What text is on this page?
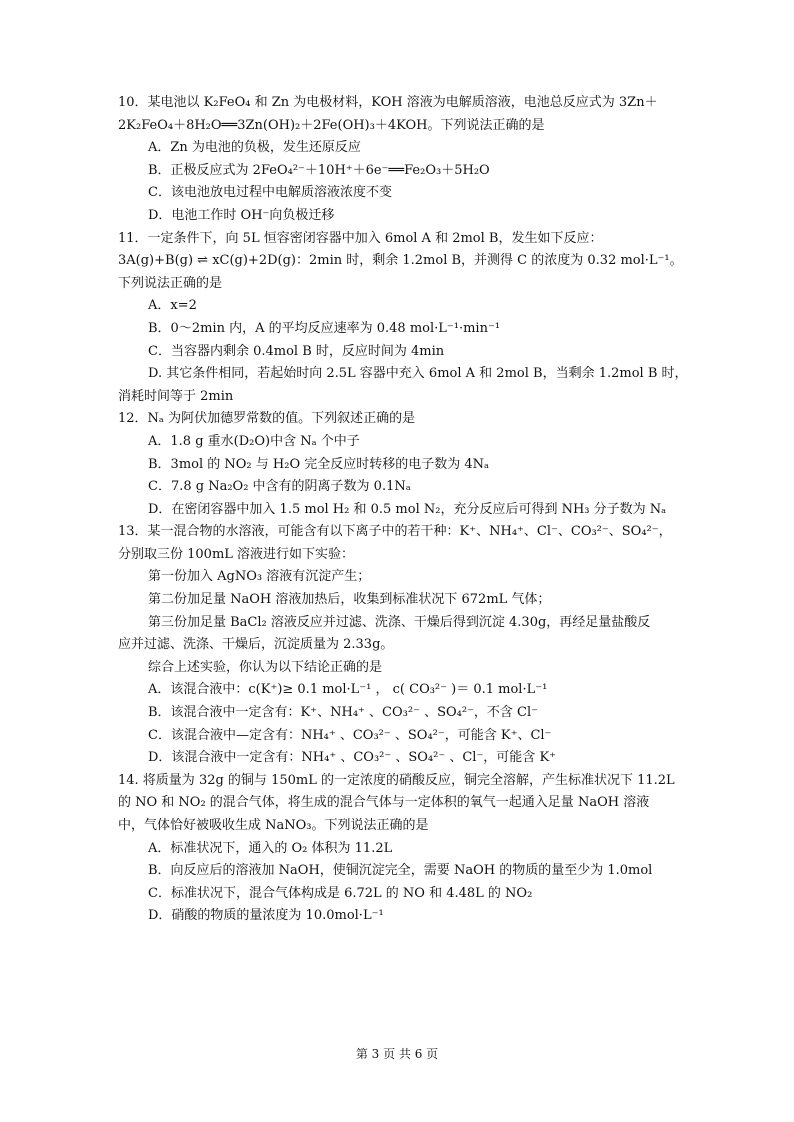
10．某电池以 K₂FeO₄ 和 Zn 为电极材料，KOH 溶液为电解质溶液，电池总反应式为 3Zn＋
2K₂FeO₄＋8H₂O══3Zn(OH)₂＋2Fe(OH)₃＋4KOH。下列说法正确的是
A．Zn 为电池的负极，发生还原反应
B．正极反应式为 2FeO₄²⁻＋10H⁺＋6e⁻══Fe₂O₃＋5H₂O
C．该电池放电过程中电解质溶液浓度不变
D．电池工作时 OH⁻向负极迁移
11．一定条件下，向 5L 恒容密闭容器中加入 6mol A 和 2mol B，发生如下反应：
3A(g)+B(g) ⇌ xC(g)+2D(g)：2min 时，剩余 1.2mol B，并测得 C 的浓度为 0.32 mol·L⁻¹。
下列说法正确的是
A．x=2
B．0～2min 内，A 的平均反应速率为 0.48 mol·L⁻¹·min⁻¹
C．当容器内剩余 0.4mol B 时，反应时间为 4min
D. 其它条件相同，若起始时向 2.5L 容器中充入 6mol A 和 2mol B，当剩余 1.2mol B 时，
消耗时间等于 2min
12．Nₐ 为阿伏加德罗常数的值。下列叙述正确的是
A．1.8 g 重水(D₂O)中含 Nₐ 个中子
B．3mol 的 NO₂ 与 H₂O 完全反应时转移的电子数为 4Nₐ
C．7.8 g Na₂O₂ 中含有的阴离子数为 0.1Nₐ
D．在密闭容器中加入 1.5 mol H₂ 和 0.5 mol N₂，充分反应后可得到 NH₃ 分子数为 Nₐ
13．某一混合物的水溶液，可能含有以下离子中的若干种：K⁺、NH₄⁺、Cl⁻、CO₃²⁻、SO₄²⁻，
分别取三份 100mL 溶液进行如下实验：
第一份加入 AgNO₃ 溶液有沉淀产生；
第二份加足量 NaOH 溶液加热后，收集到标准状况下 672mL 气体；
第三份加足量 BaCl₂ 溶液反应并过滤、洗涤、干燥后得到沉淀 4.30g，再经足量盐酸反
应并过滤、洗涤、干燥后，沉淀质量为 2.33g。
综合上述实验，你认为以下结论正确的是
A．该混合液中：c(K⁺)≥ 0.1 mol·L⁻¹ ， c( CO₃²⁻ )＝ 0.1 mol·L⁻¹
B．该混合液中一定含有：K⁺、NH₄⁺ 、CO₃²⁻ 、SO₄²⁻，不含 Cl⁻
C．该混合液中—定含有：NH₄⁺ 、CO₃²⁻ 、SO₄²⁻，可能含 K⁺、Cl⁻
D．该混合液中一定含有：NH₄⁺ 、CO₃²⁻ 、SO₄²⁻ 、Cl⁻，可能含 K⁺
14. 将质量为 32g 的铜与 150mL 的一定浓度的硝酸反应，铜完全溶解，产生标准状况下 11.2L
的 NO 和 NO₂ 的混合气体，将生成的混合气体与一定体积的氧气一起通入足量 NaOH 溶液
中，气体恰好被吸收生成 NaNO₃。下列说法正确的是
A．标准状况下，通入的 O₂ 体积为 11.2L
B．向反应后的溶液加 NaOH，使铜沉淀完全，需要 NaOH 的物质的量至少为 1.0mol
C．标准状况下，混合气体构成是 6.72L 的 NO 和 4.48L 的 NO₂
D．硝酸的物质的量浓度为 10.0mol·L⁻¹
第 3 页 共 6 页
